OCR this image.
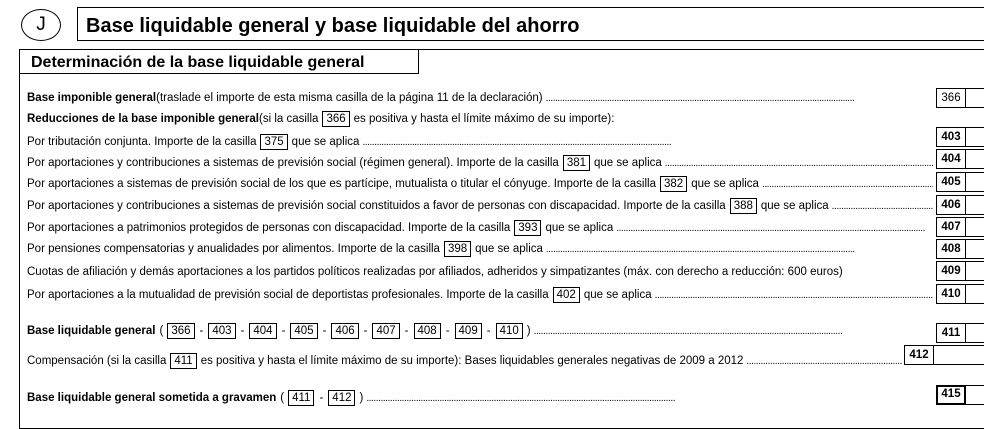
J	Base liquidable general y base liquidable del ahorro
Determinación de la base liquidable general
Base imponible general (traslade el importe de esta misma casilla de la página 11 de la declaración) . . .	366
Reducciones de la base imponible general (si la casilla 366 es positiva y hasta el límite máximo de su importe):
Por tributación conjunta. Importe de la casilla 375 que se aplica . . .	403
Por aportaciones y contribuciones a sistemas de previsión social (régimen general). Importe de la casilla 381 que se aplica . . .	404
Por aportaciones a sistemas de previsión social de los que es partícipe, mutualista o titular el cónyuge. Importe de la casilla 382 que se aplica . . .	405
Por aportaciones y contribuciones a sistemas de previsión social constituidos a favor de personas con discapacidad. Importe de la casilla 388 que se aplica . . .	406
Por aportaciones a patrimonios protegidos de personas con discapacidad. Importe de la casilla 393 que se aplica . . .	407
Por pensiones compensatorias y anualidades por alimentos. Importe de la casilla 398 que se aplica . . .	408
Cuotas de afiliación y demás aportaciones a los partidos políticos realizadas por afiliados, adheridos y simpatizantes (máx. con derecho a reducción: 600 euros)	409
Por aportaciones a la mutualidad de previsión social de deportistas profesionales. Importe de la casilla 402 que se aplica . . .	410
Base liquidable general ( 366 - 403 - 404 - 405 - 406 - 407 - 408 - 409 - 410 ) . . .	411
Compensación (si la casilla 411 es positiva y hasta el límite máximo de su importe): Bases liquidables generales negativas de 2009 a 2012 . . .	412
Base liquidable general sometida a gravamen ( 411 - 412 ) . . .	415
